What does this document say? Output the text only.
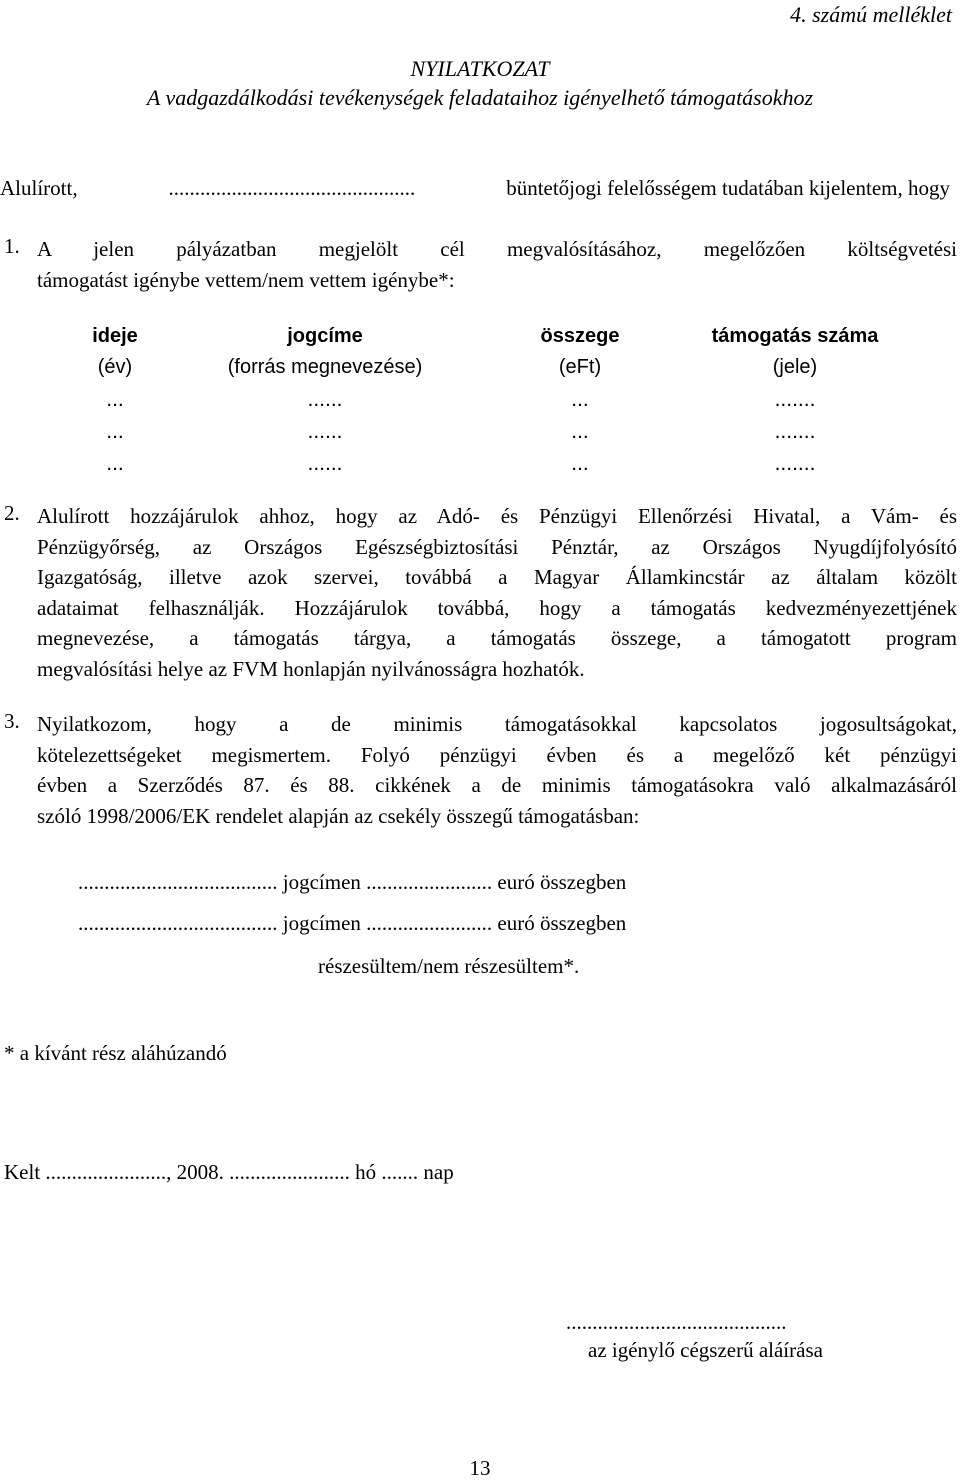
4. számú melléklet
NYILATKOZAT
A vadgazdálkodási tevékenységek feladataihoz igényelhető támogatásokhoz
Alulírott,	...............................................	büntetőjogi felelősségem tudatában kijelentem, hogy
1. A jelen pályázatban megjelölt cél megvalósításához, megelőzően költségvetési
támogatást igénybe vettem/nem vettem igénybe*:
ideje	jogcíme	összege	támogatás száma
(év)	(forrás megnevezése)	(eFt)	(jele)
...	......	...	.......
...	......	...	.......
...	......	...	.......
2. Alulírott hozzájárulok ahhoz, hogy az Adó- és Pénzügyi Ellenőrzési Hivatal, a Vám- és
Pénzügyőrség, az Országos Egészségbiztosítási Pénztár, az Országos Nyugdíjfolyósító
Igazgatóság, illetve azok szervei, továbbá a Magyar Államkincstár az általam közölt
adataimat felhasználják. Hozzájárulok továbbá, hogy a támogatás kedvezményezettjének
megnevezése, a támogatás tárgya, a támogatás összege, a támogatott program
megvalósítási helye az FVM honlapján nyilvánosságra hozhatók.
3. Nyilatkozom, hogy a de minimis támogatásokkal kapcsolatos jogosultságokat,
kötelezettségeket megismertem. Folyó pénzügyi évben és a megelőző két pénzügyi
évben a Szerződés 87. és 88. cikkének a de minimis támogatásokra való alkalmazásáról
szóló 1998/2006/EK rendelet alapján az csekély összegű támogatásban:
...................................... jogcímen ........................ euró összegben
...................................... jogcímen ........................ euró összegben
részesültem/nem részesültem*.
* a kívánt rész aláhúzandó
Kelt ......................., 2008. ....................... hó ....... nap
..........................................
az igénylő cégszerű aláírása
13
